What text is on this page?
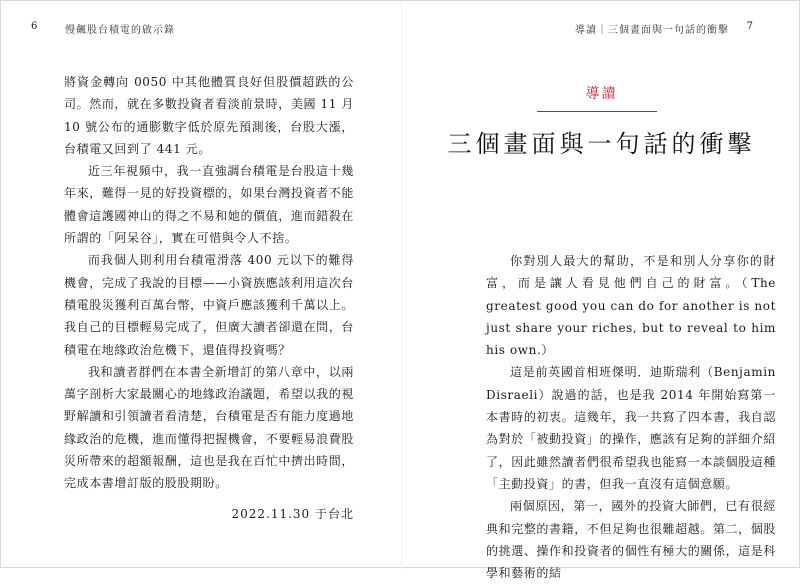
6	慢飆股台積電的啟示錄

將資金轉向 0050 中其他體質良好但股價超跌的公司。然而，就在多數投資者看淡前景時，美國 11 月 10 號公布的通膨數字低於原先預測後，台股大漲，台積電又回到了 441 元。

近三年視頻中，我一直強調台積電是台股這十幾年來，難得一見的好投資標的，如果台灣投資者不能體會這護國神山的得之不易和她的價值，進而錯殺在所謂的「阿呆谷」，實在可惜與令人不捨。

而我個人則利用台積電滑落 400 元以下的難得機會，完成了我說的目標——小資族應該利用這次台積電股災獲利百萬台幣，中資戶應該獲利千萬以上。我自己的目標輕易完成了，但廣大讀者卻還在問，台積電在地緣政治危機下，還值得投資嗎？

我和讀者群們在本書全新增訂的第八章中，以兩萬字剖析大家最關心的地緣政治議題，希望以我的視野解讀和引領讀者看清楚，台積電是否有能力度過地緣政治的危機，進而懂得把握機會，不要輕易浪費股災所帶來的超額報酬，這也是我在百忙中擠出時間，完成本書增訂版的股股期盼。

2022.11.30 于台北

導讀｜三個畫面與一句話的衝擊 7
導讀
三個畫面與一句話的衝擊

你對別人最大的幫助，不是和別人分享你的財富，而是讓人看見他們自己的財富。（The greatest good you can do for another is not just share your riches, but to reveal to him his own.）

這是前英國首相班傑明．迪斯瑞利（Benjamin Disraeli）說過的話，也是我 2014 年開始寫第一本書時的初衷。這幾年，我一共寫了四本書，我自認為對於「被動投資」的操作，應該有足夠的詳細介紹了，因此雖然讀者們很希望我也能寫一本談個股這種「主動投資」的書，但我一直沒有這個意願。

兩個原因，第一，國外的投資大師們，已有很經典和完整的書籍，不但足夠也很難超越。第二，個股的挑選、操作和投資者的個性有極大的關係，這是科學和藝術的結
